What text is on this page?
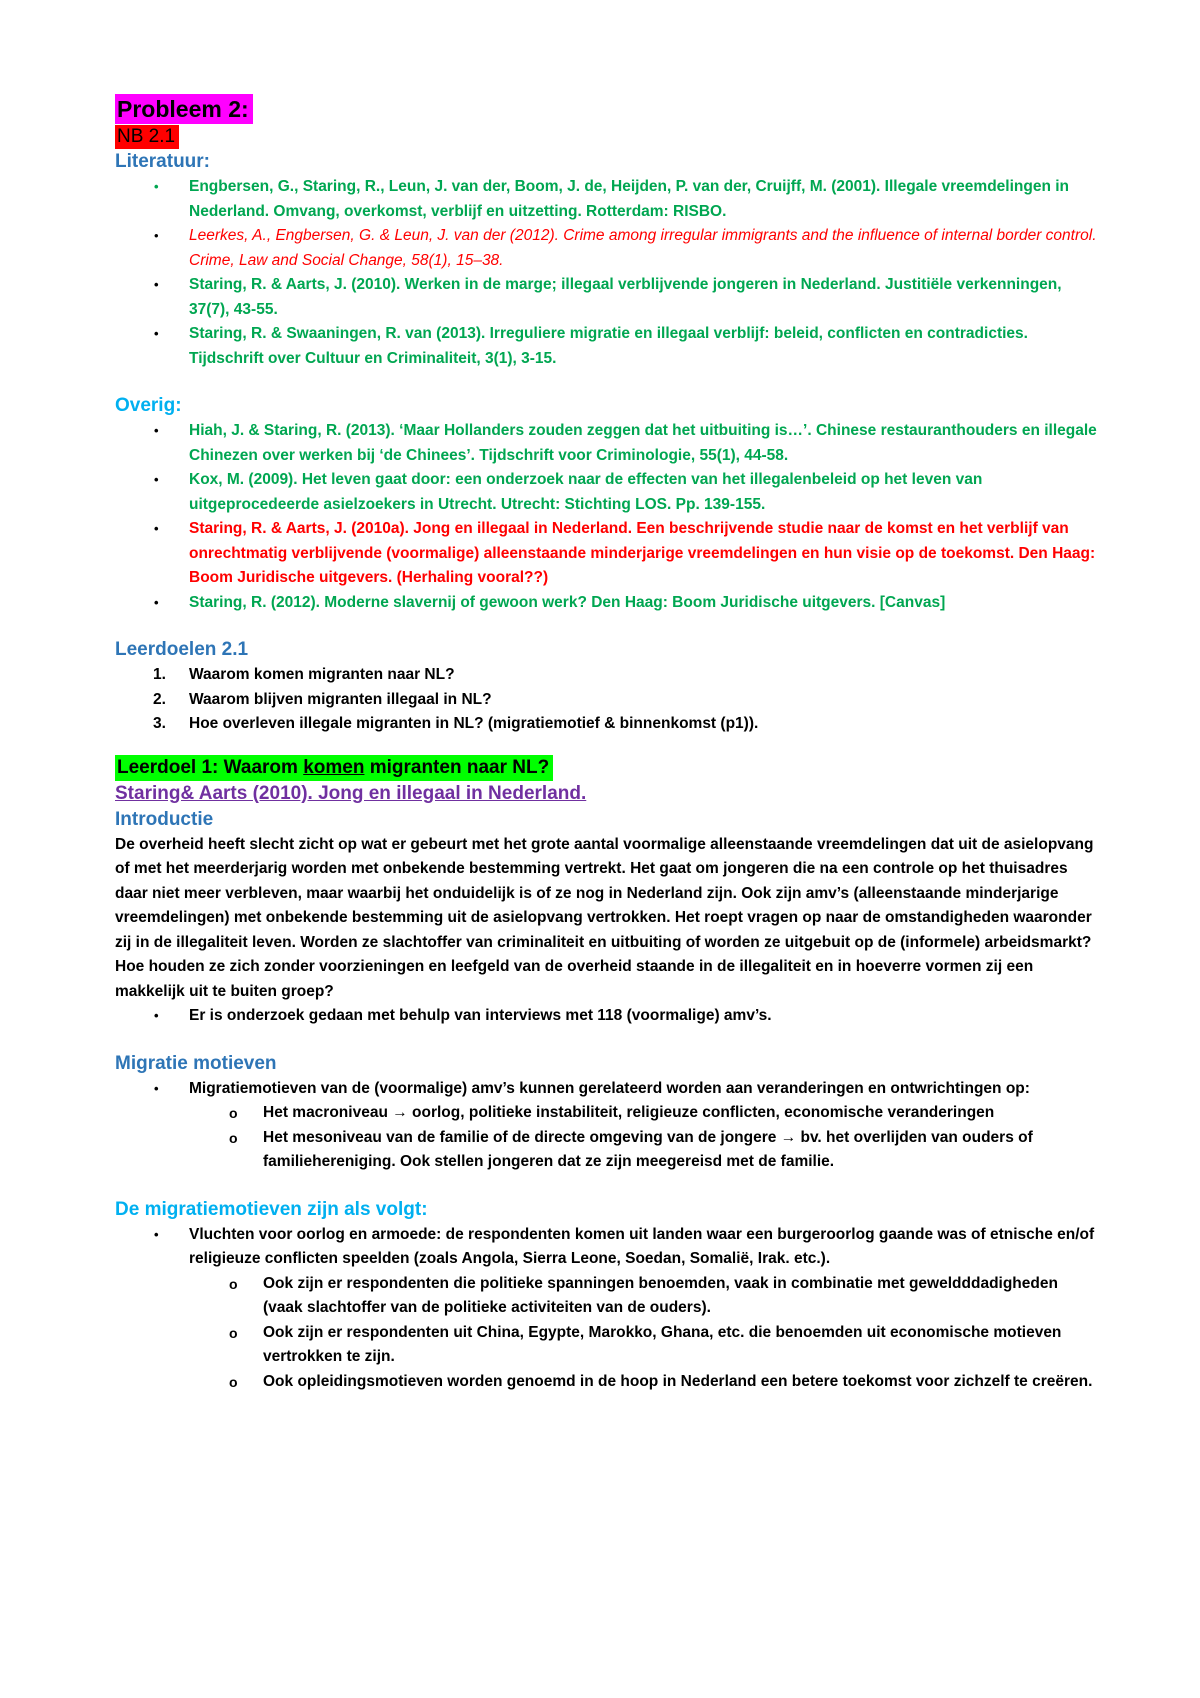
Probleem 2:
NB 2.1
Literatuur:
•	Engbersen, G., Staring, R., Leun, J. van der, Boom, J. de, Heijden, P. van der, Cruijff, M. (2001). Illegale vreemdelingen in Nederland. Omvang, overkomst, verblijf en uitzetting. Rotterdam: RISBO.
•	Leerkes, A., Engbersen, G. & Leun, J. van der (2012). Crime among irregular immigrants and the influence of internal border control. Crime, Law and Social Change, 58(1), 15–38.
•	Staring, R. & Aarts, J. (2010). Werken in de marge; illegaal verblijvende jongeren in Nederland. Justitiële verkenningen, 37(7), 43-55.
•	Staring, R. & Swaaningen, R. van (2013). Irreguliere migratie en illegaal verblijf: beleid, conflicten en contradicties. Tijdschrift over Cultuur en Criminaliteit, 3(1), 3-15.
Overig:
•	Hiah, J. & Staring, R. (2013). ‘Maar Hollanders zouden zeggen dat het uitbuiting is…’. Chinese restauranthouders en illegale Chinezen over werken bij ‘de Chinees’. Tijdschrift voor Criminologie, 55(1), 44-58.
•	Kox, M. (2009). Het leven gaat door: een onderzoek naar de effecten van het illegalenbeleid op het leven van uitgeprocedeerde asielzoekers in Utrecht. Utrecht: Stichting LOS. Pp. 139-155.
•	Staring, R. & Aarts, J. (2010a). Jong en illegaal in Nederland. Een beschrijvende studie naar de komst en het verblijf van onrechtmatig verblijvende (voormalige) alleenstaande minderjarige vreemdelingen en hun visie op de toekomst. Den Haag: Boom Juridische uitgevers. (Herhaling vooral??)
•	Staring, R. (2012). Moderne slavernij of gewoon werk? Den Haag: Boom Juridische uitgevers. [Canvas]
Leerdoelen 2.1
1.	Waarom komen migranten naar NL?
2.	Waarom blijven migranten illegaal in NL?
3.	Hoe overleven illegale migranten in NL? (migratiemotief & binnenkomst (p1)).
Leerdoel 1: Waarom komen migranten naar NL?
Staring& Aarts (2010). Jong en illegaal in Nederland.
Introductie
De overheid heeft slecht zicht op wat er gebeurt met het grote aantal voormalige alleenstaande vreemdelingen dat uit de asielopvang of met het meerderjarig worden met onbekende bestemming vertrekt. Het gaat om jongeren die na een controle op het thuisadres daar niet meer verbleven, maar waarbij het onduidelijk is of ze nog in Nederland zijn. Ook zijn amv’s (alleenstaande minderjarige vreemdelingen) met onbekende bestemming uit de asielopvang vertrokken. Het roept vragen op naar de omstandigheden waaronder zij in de illegaliteit leven. Worden ze slachtoffer van criminaliteit en uitbuiting of worden ze uitgebuit op de (informele) arbeidsmarkt? Hoe houden ze zich zonder voorzieningen en leefgeld van de overheid staande in de illegaliteit en in hoeverre vormen zij een makkelijk uit te buiten groep?
•	Er is onderzoek gedaan met behulp van interviews met 118 (voormalige) amv’s.
Migratie motieven
•	Migratiemotieven van de (voormalige) amv’s kunnen gerelateerd worden aan veranderingen en ontwrichtingen op:
o	Het macroniveau → oorlog, politieke instabiliteit, religieuze conflicten, economische veranderingen
o	Het mesoniveau van de familie of de directe omgeving van de jongere → bv. het overlijden van ouders of familiehereniging. Ook stellen jongeren dat ze zijn meegereisd met de familie.
De migratiemotieven zijn als volgt:
•	Vluchten voor oorlog en armoede: de respondenten komen uit landen waar een burgeroorlog gaande was of etnische en/of religieuze conflicten speelden (zoals Angola, Sierra Leone, Soedan, Somalië, Irak. etc.).
o	Ook zijn er respondenten die politieke spanningen benoemden, vaak in combinatie met geweldddadigheden (vaak slachtoffer van de politieke activiteiten van de ouders).
o	Ook zijn er respondenten uit China, Egypte, Marokko, Ghana, etc. die benoemden uit economische motieven vertrokken te zijn.
o	Ook opleidingsmotieven worden genoemd in de hoop in Nederland een betere toekomst voor zichzelf te creëren.
